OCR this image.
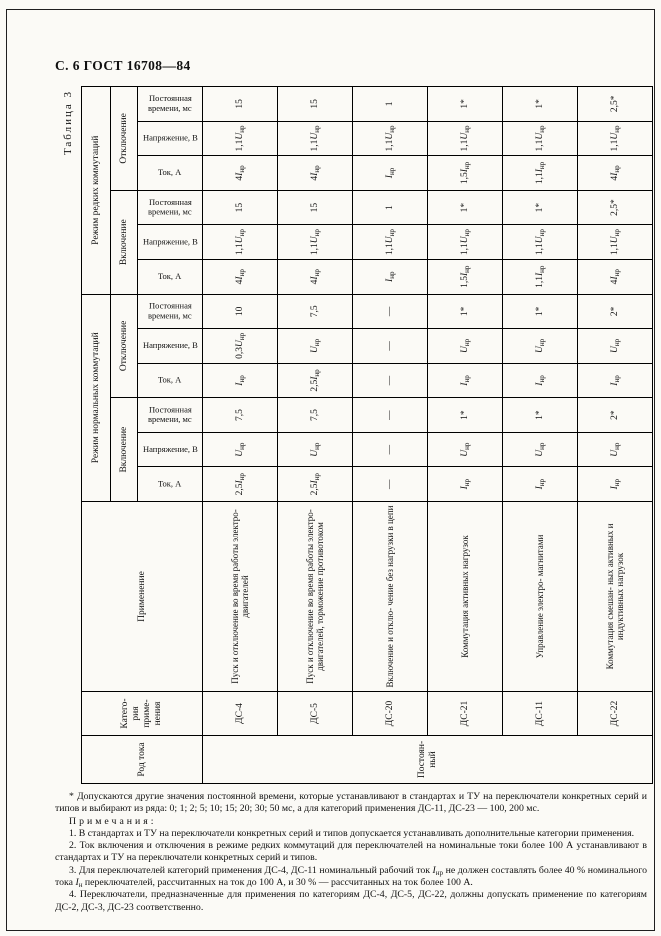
С. 6 ГОСТ 16708—84
Таблица 3
Род тока	Катего- рия приме- нения	Применение	Режим нормальных коммутаций						Режим редких коммутаций					
			Включение			Отключение			Включение			Отключение		
			Ток, А	Напряжение, В	Постоянная времени, мс	Ток, А	Напряжение, В	Постоянная времени, мс	Ток, А	Напряжение, В	Постоянная времени, мс	Ток, А	Напряжение, В	Постоянная времени, мс
Постоян- ный	ДС-4	Пуск и отключение во время работы электро- двигателей	$2,5I_{нр}$	$U_{нр}$	7,5	$I_{нр}$	$0,3U_{нр}$	10	$4I_{нр}$	$1,1U_{нр}$	15	$4I_{нр}$	$1,1U_{нр}$	15
	ДС-5	Пуск и отключение во время работы электро- двигателей, торможение противотоком	$2,5I_{нр}$	$U_{нр}$	7,5	$2,5I_{нр}$	$U_{нр}$	7,5	$4I_{нр}$	$1,1U_{нр}$	15	$4I_{нр}$	$1,1U_{нр}$	15
	ДС-20	Включение и отклю- чение без нагрузки в цепи	—	—	—	—	—	—	$I_{нр}$	$1,1U_{нр}$	1	$I_{нр}$	$1,1U_{нр}$	1
	ДС-21	Коммутация активных нагрузок	$I_{нр}$	$U_{нр}$	1*	$I_{нр}$	$U_{нр}$	1*	$1,5I_{нр}$	$1,1U_{нр}$	1*	$1,5I_{нр}$	$1,1U_{нр}$	1*
	ДС-11	Управление электро- магнитами	$I_{нр}$	$U_{нр}$	1*	$I_{нр}$	$U_{нр}$	1*	$1,1I_{нр}$	$1,1U_{нр}$	1*	$1,1I_{нр}$	$1,1U_{нр}$	1*
	ДС-22	Коммутация смешан- ных активных и индуктивных нагрузок	$I_{нр}$	$U_{нр}$	2*	$I_{нр}$	$U_{нр}$	2*	$4I_{нр}$	$1,1U_{нр}$	2,5*	$4I_{нр}$	$1,1U_{нр}$	2,5*

* Допускаются другие значения постоянной времени, которые устанавливают в стандартах и ТУ на переключатели конкретных серий и типов и выбирают из ряда: 0; 1; 2; 5; 10; 15; 20; 30; 50 мс, а для категорий применения ДС-11, ДС-23 — 100, 200 мс.

Примечания:

1. В стандартах и ТУ на переключатели конкретных серий и типов допускается устанавливать дополнительные категории применения.

2. Ток включения и отключения в режиме редких коммутаций для переключателей на номинальные токи более 100 А устанавливают в стандартах и ТУ на переключатели конкретных серий и типов.

3. Для переключателей категорий применения ДС-4, ДС-11 номинальный рабочий ток $I_{нр}$ не должен составлять более 40 % номинального тока $I_н$ переключателей, рассчитанных на ток до 100 А, и 30 % — рассчитанных на ток более 100 А.

4. Переключатели, предназначенные для применения по категориям ДС-4, ДС-5, ДС-22, должны допускать применение по категориям ДС-2, ДС-3, ДС-23 соответственно.
